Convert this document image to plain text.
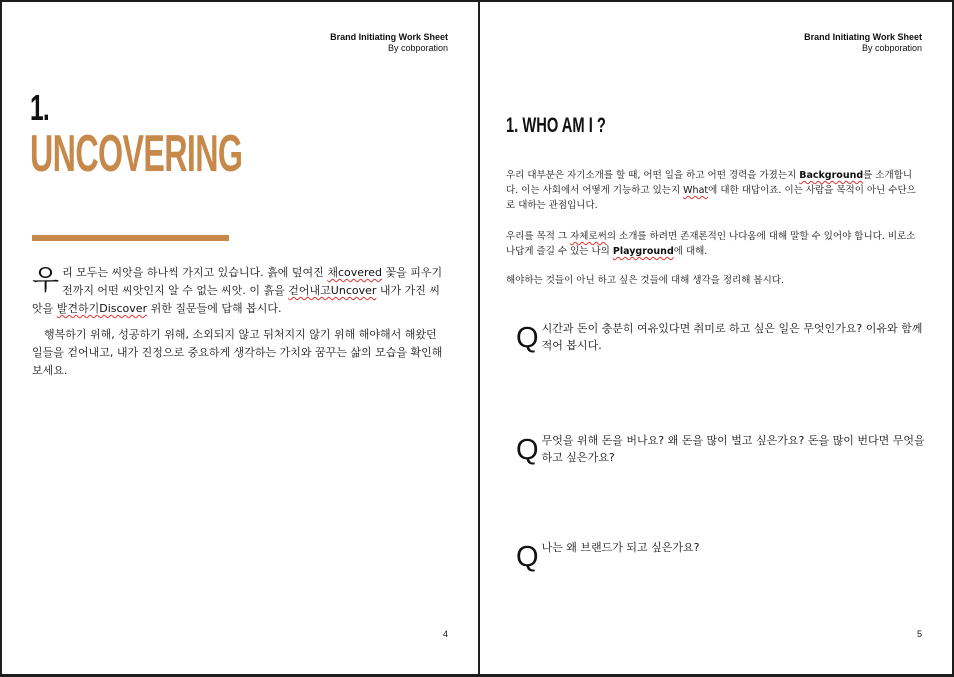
Brand Initiating Work Sheet
By cobporation
1.
UNCOVERING
우리 모두는 씨앗을 하나씩 가지고 있습니다. 흙에 덮여진 채covered 꽃을 피우기 전까지 어떤 씨앗인지 알 수 없는 씨앗. 이 흙을 걷어내고Uncover 내가 가진 씨앗을 발견하기Discover 위한 질문들에 답해 봅시다.
행복하기 위해, 성공하기 위해, 소외되지 않고 뒤처지지 않기 위해 해야해서 해왔던 일들을 걷어내고, 내가 진정으로 중요하게 생각하는 가치와 꿈꾸는 삶의 모습을 확인해 보세요.
4
Brand Initiating Work Sheet
By cobporation
1. WHO AM I ?
우리 대부분은 자기소개를 할 때, 어떤 일을 하고 어떤 경력을 가졌는지 Background를 소개합니다. 이는 사회에서 어떻게 기능하고 있는지 What에 대한 대답이죠. 이는 사람을 목적이 아닌 수단으로 대하는 관점입니다.
우리를 목적 그 자체로써의 소개를 하려면 존재론적인 나다움에 대해 말할 수 있어야 합니다. 비로소 나답게 즐길 수 있는 나의 Playground에 대해.
해야하는 것들이 아닌 하고 싶은 것들에 대해 생각을 정리해 봅시다.
Q 시간과 돈이 충분히 여유있다면 취미로 하고 싶은 일은 무엇인가요? 이유와 함께 적어 봅시다.
Q 무엇을 위해 돈을 버나요? 왜 돈을 많이 벌고 싶은가요? 돈을 많이 번다면 무엇을 하고 싶은가요?
Q 나는 왜 브랜드가 되고 싶은가요?
5
